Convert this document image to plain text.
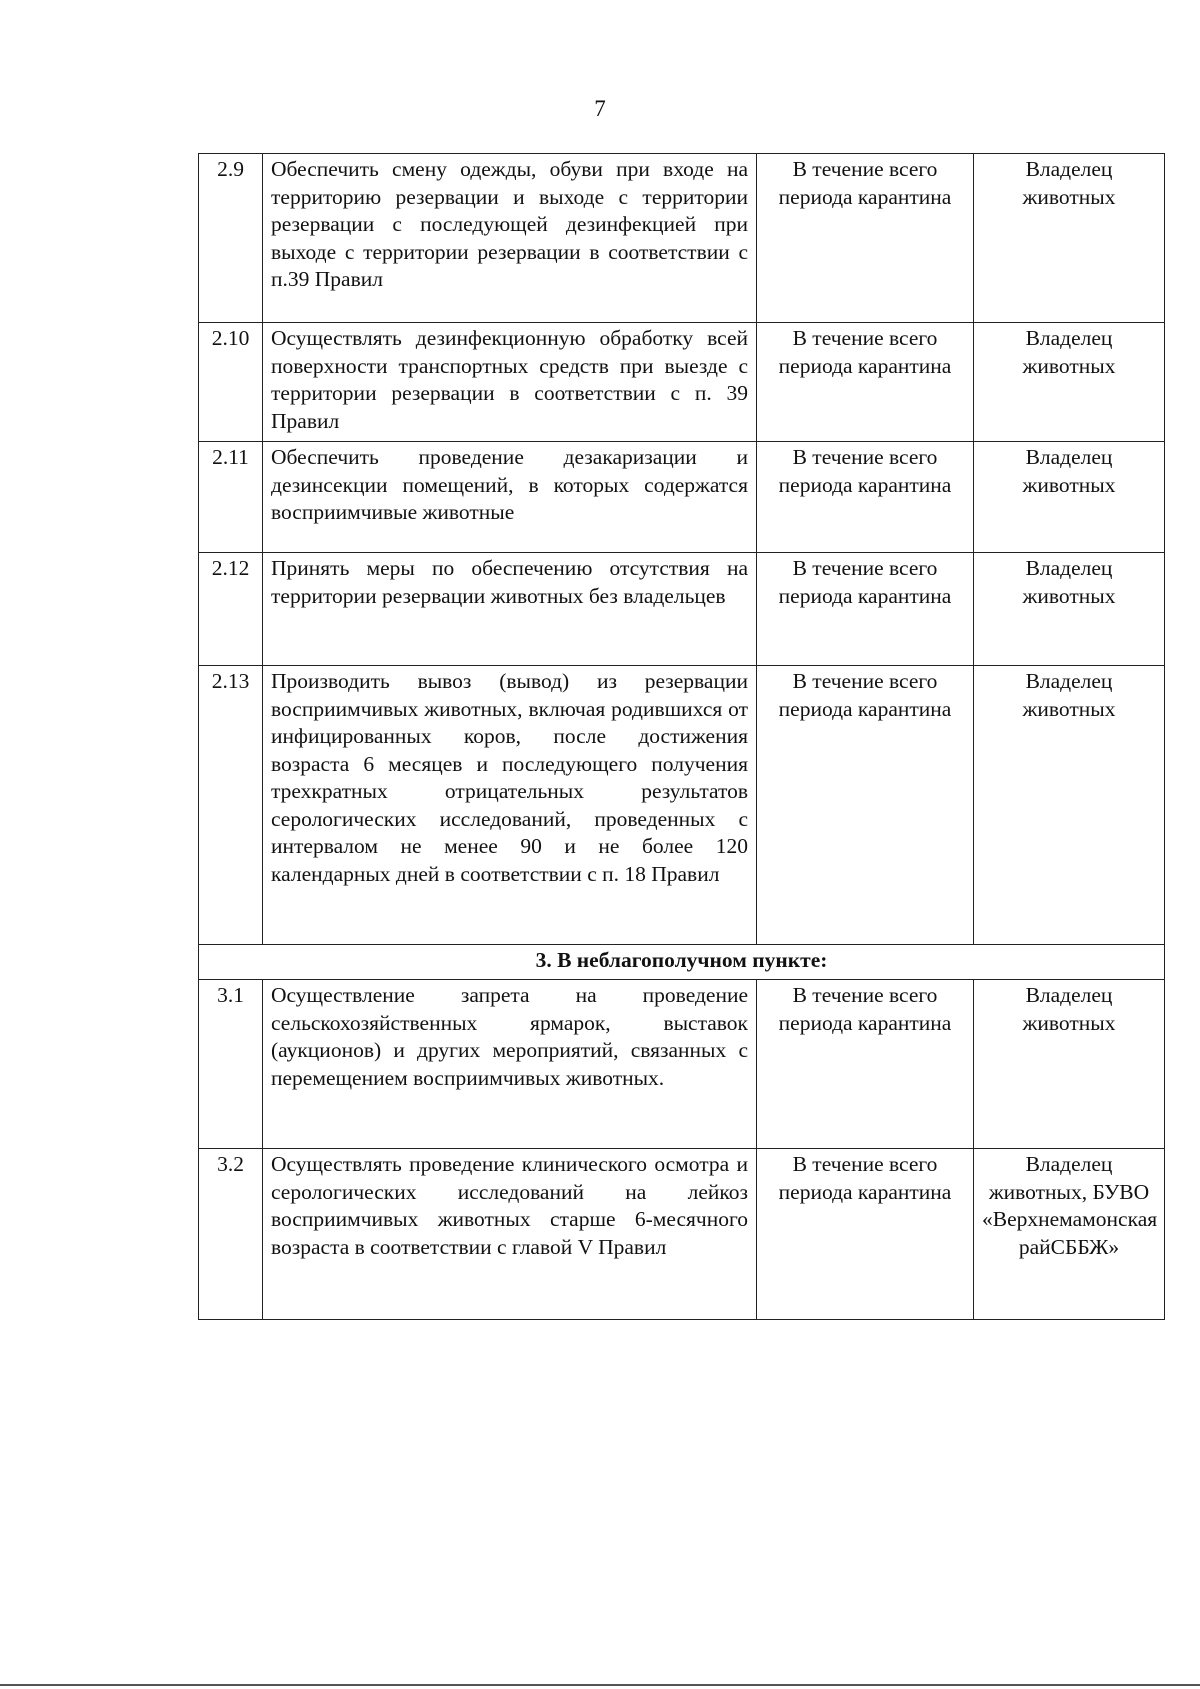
7
2.9	Обеспечить смену одежды, обуви при входе на территорию резервации и выходе с территории резервации с последующей дезинфекцией при выходе с территории резервации в соответствии с п.39 Правил	В течение всего периода карантина	Владелец животных
2.10	Осуществлять дезинфекционную обработку всей поверхности транспортных средств при выезде с территории резервации в соответствии с п. 39 Правил	В течение всего периода карантина	Владелец животных
2.11	Обеспечить проведение дезакаризации и дезинсекции помещений, в которых содержатся восприимчивые животные	В течение всего периода карантина	Владелец животных
2.12	Принять меры по обеспечению отсутствия на территории резервации животных без владельцев	В течение всего периода карантина	Владелец животных
2.13	Производить вывоз (вывод) из резервации восприимчивых животных, включая родившихся от инфицированных коров, после достижения возраста 6 месяцев и последующего получения трехкратных отрицательных результатов серологических исследований, проведенных с интервалом не менее 90 и не более 120 календарных дней в соответствии с п. 18 Правил	В течение всего периода карантина	Владелец животных
3. В неблагополучном пункте:			
3.1	Осуществление запрета на проведение сельскохозяйственных ярмарок, выставок (аукционов) и других мероприятий, связанных с перемещением восприимчивых животных.	В течение всего периода карантина	Владелец животных
3.2	Осуществлять проведение клинического осмотра и серологических исследований на лейкоз восприимчивых животных старше 6-месячного возраста в соответствии с главой V Правил	В течение всего периода карантина	Владелец животных, БУВО «Верхнемамонская райСББЖ»
